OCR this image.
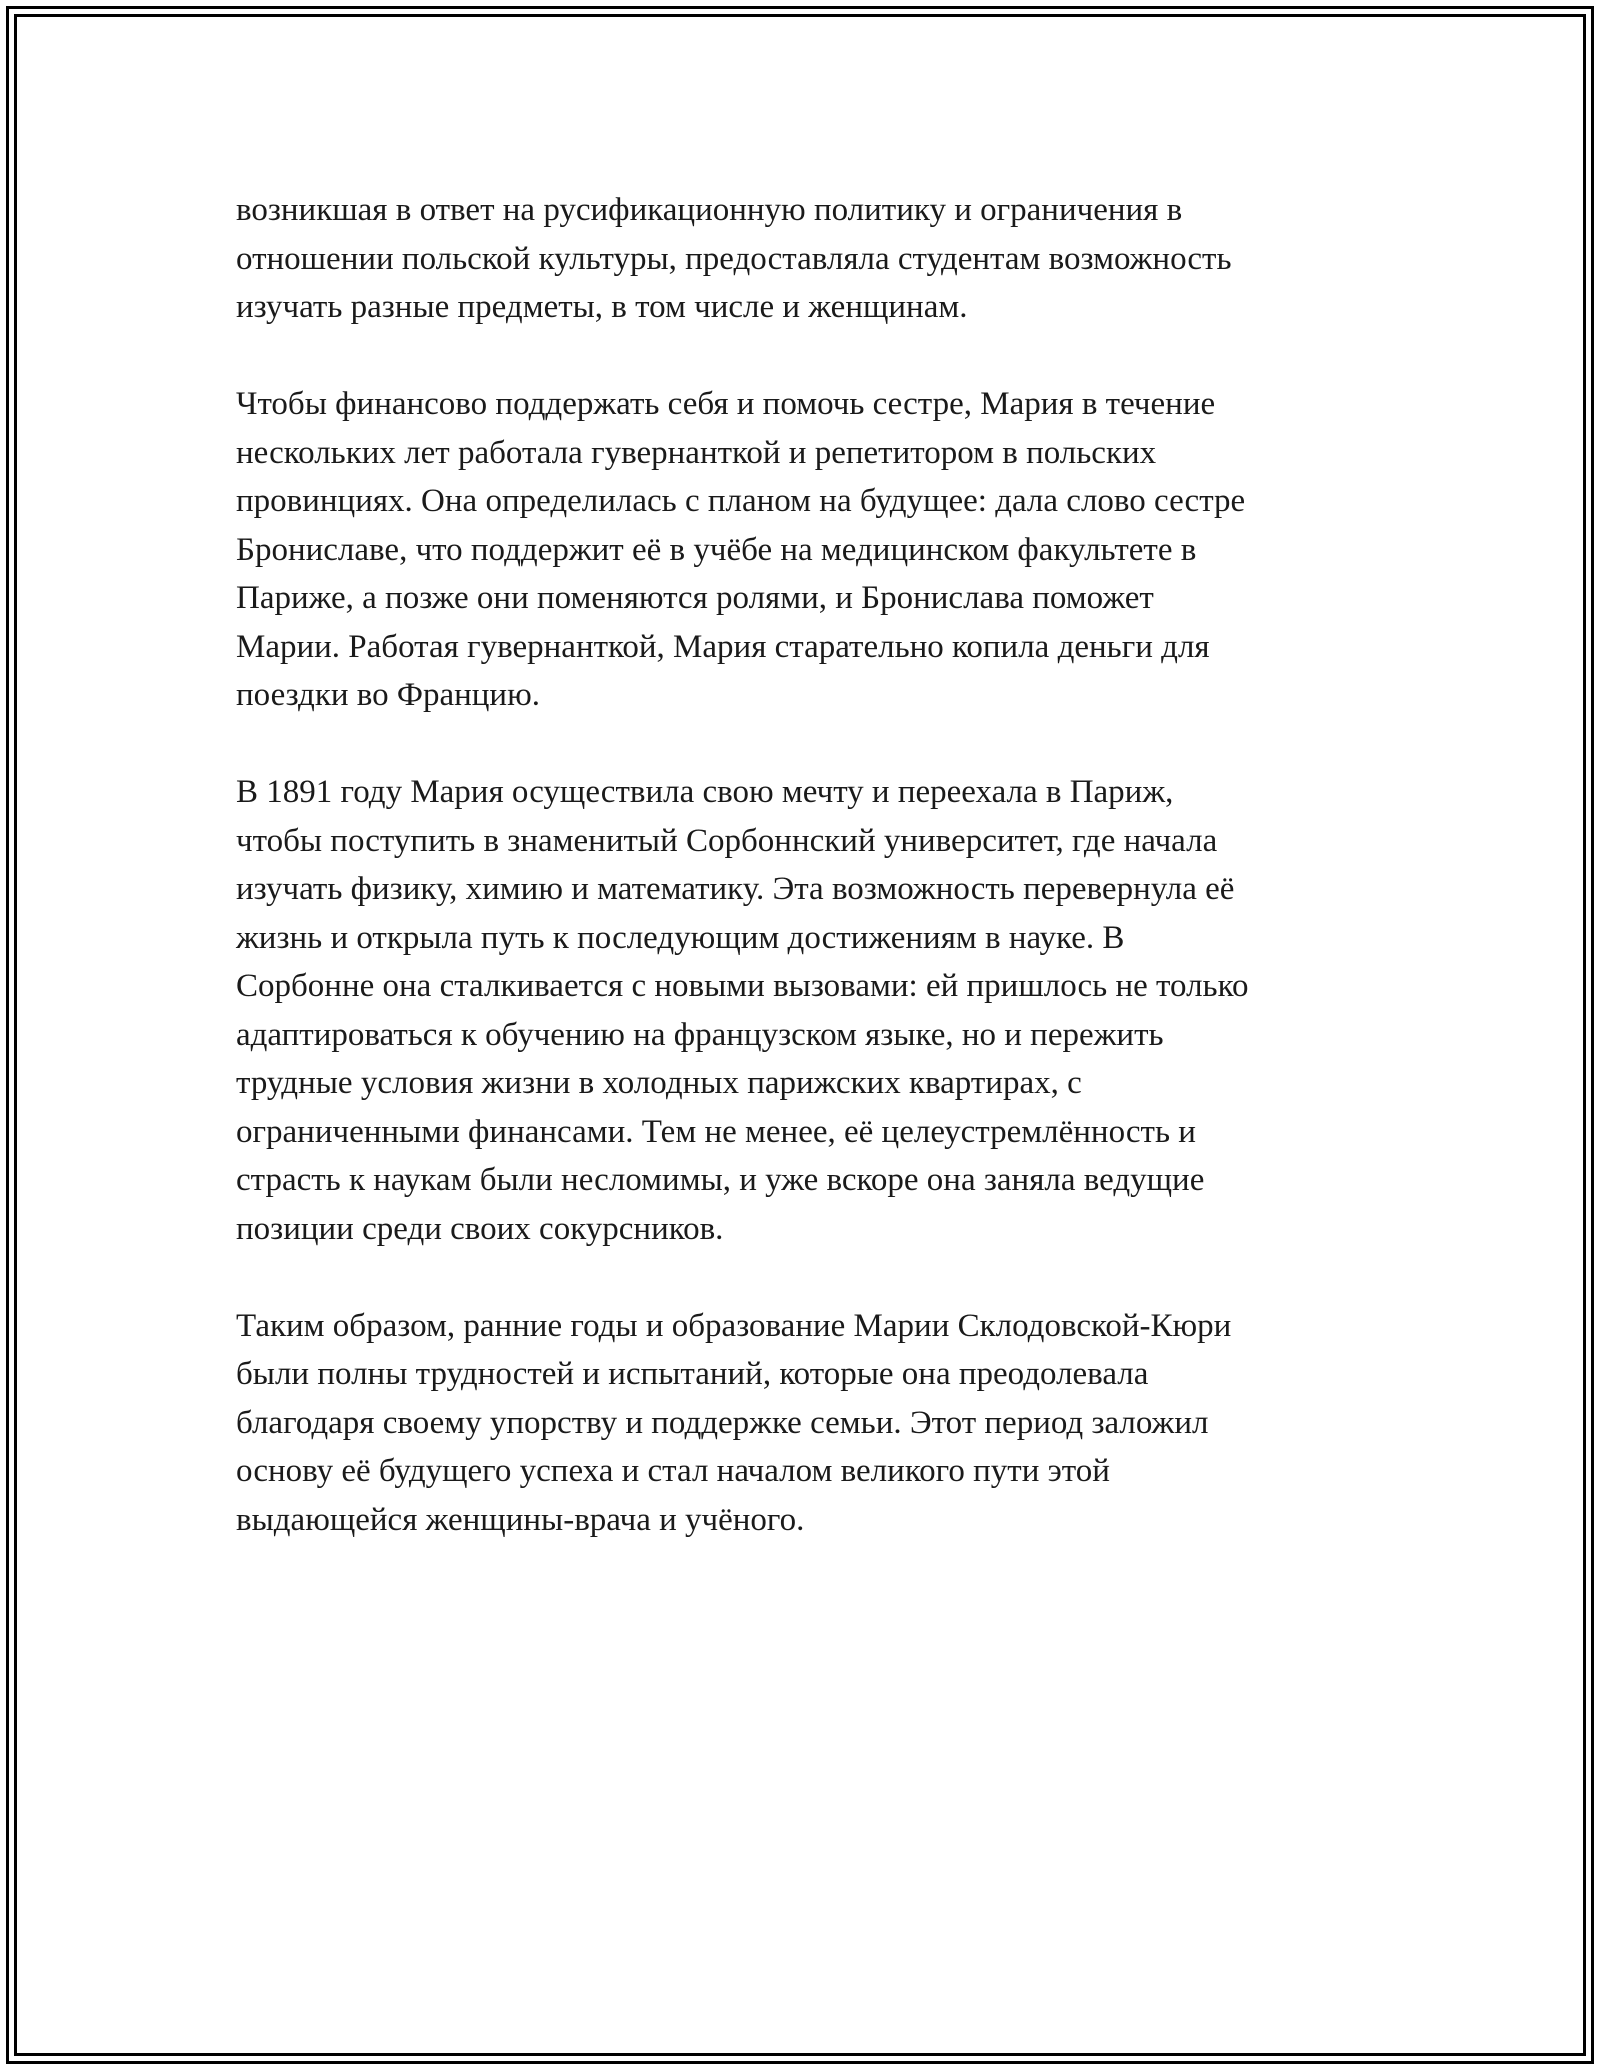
возникшая в ответ на русификационную политику и ограничения в
отношении польской культуры, предоставляла студентам возможность
изучать разные предметы, в том числе и женщинам.

Чтобы финансово поддержать себя и помочь сестре, Мария в течение
нескольких лет работала гувернанткой и репетитором в польских
провинциях. Она определилась с планом на будущее: дала слово сестре
Брониславе, что поддержит её в учёбе на медицинском факультете в
Париже, а позже они поменяются ролями, и Бронислава поможет
Марии. Работая гувернанткой, Мария старательно копила деньги для
поездки во Францию.

В 1891 году Мария осуществила свою мечту и переехала в Париж,
чтобы поступить в знаменитый Сорбоннский университет, где начала
изучать физику, химию и математику. Эта возможность перевернула её
жизнь и открыла путь к последующим достижениям в науке. В
Сорбонне она сталкивается с новыми вызовами: ей пришлось не только
адаптироваться к обучению на французском языке, но и пережить
трудные условия жизни в холодных парижских квартирах, с
ограниченными финансами. Тем не менее, её целеустремлённость и
страсть к наукам были несломимы, и уже вскоре она заняла ведущие
позиции среди своих сокурсников.

Таким образом, ранние годы и образование Марии Склодовской-Кюри
были полны трудностей и испытаний, которые она преодолевала
благодаря своему упорству и поддержке семьи. Этот период заложил
основу её будущего успеха и стал началом великого пути этой
выдающейся женщины-врача и учёного.
